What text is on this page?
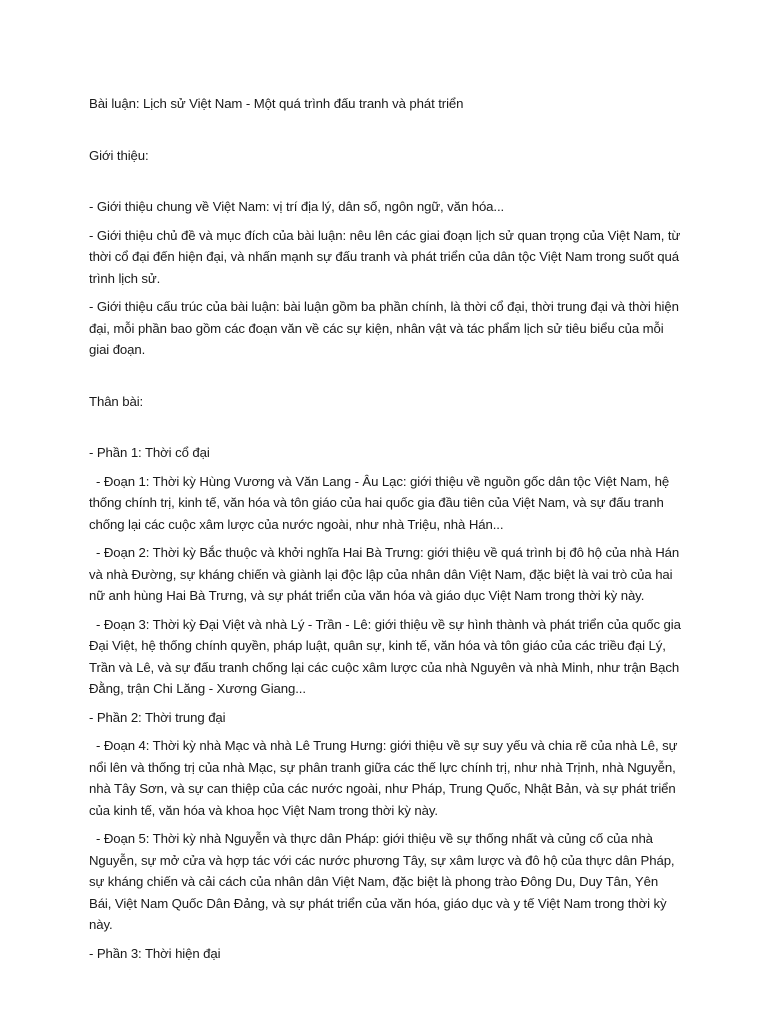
Bài luận: Lịch sử Việt Nam - Một quá trình đấu tranh và phát triển
Giới thiệu:
- Giới thiệu chung về Việt Nam: vị trí địa lý, dân số, ngôn ngữ, văn hóa...
- Giới thiệu chủ đề và mục đích của bài luận: nêu lên các giai đoạn lịch sử quan trọng của Việt Nam, từ thời cổ đại đến hiện đại, và nhấn mạnh sự đấu tranh và phát triển của dân tộc Việt Nam trong suốt quá trình lịch sử.
- Giới thiệu cấu trúc của bài luận: bài luận gồm ba phần chính, là thời cổ đại, thời trung đại và thời hiện đại, mỗi phần bao gồm các đoạn văn về các sự kiện, nhân vật và tác phẩm lịch sử tiêu biểu của mỗi giai đoạn.
Thân bài:
- Phần 1: Thời cổ đại
- Đoạn 1: Thời kỳ Hùng Vương và Văn Lang - Âu Lạc: giới thiệu về nguồn gốc dân tộc Việt Nam, hệ thống chính trị, kinh tế, văn hóa và tôn giáo của hai quốc gia đầu tiên của Việt Nam, và sự đấu tranh chống lại các cuộc xâm lược của nước ngoài, như nhà Triệu, nhà Hán...
- Đoạn 2: Thời kỳ Bắc thuộc và khởi nghĩa Hai Bà Trưng: giới thiệu về quá trình bị đô hộ của nhà Hán và nhà Đường, sự kháng chiến và giành lại độc lập của nhân dân Việt Nam, đặc biệt là vai trò của hai nữ anh hùng Hai Bà Trưng, và sự phát triển của văn hóa và giáo dục Việt Nam trong thời kỳ này.
- Đoạn 3: Thời kỳ Đại Việt và nhà Lý - Trần - Lê: giới thiệu về sự hình thành và phát triển của quốc gia Đại Việt, hệ thống chính quyền, pháp luật, quân sự, kinh tế, văn hóa và tôn giáo của các triều đại Lý, Trần và Lê, và sự đấu tranh chống lại các cuộc xâm lược của nhà Nguyên và nhà Minh, như trận Bạch Đằng, trận Chi Lăng - Xương Giang...
- Phần 2: Thời trung đại
- Đoạn 4: Thời kỳ nhà Mạc và nhà Lê Trung Hưng: giới thiệu về sự suy yếu và chia rẽ của nhà Lê, sự nổi lên và thống trị của nhà Mạc, sự phân tranh giữa các thế lực chính trị, như nhà Trịnh, nhà Nguyễn, nhà Tây Sơn, và sự can thiệp của các nước ngoài, như Pháp, Trung Quốc, Nhật Bản, và sự phát triển của kinh tế, văn hóa và khoa học Việt Nam trong thời kỳ này.
- Đoạn 5: Thời kỳ nhà Nguyễn và thực dân Pháp: giới thiệu về sự thống nhất và củng cố của nhà Nguyễn, sự mở cửa và hợp tác với các nước phương Tây, sự xâm lược và đô hộ của thực dân Pháp, sự kháng chiến và cải cách của nhân dân Việt Nam, đặc biệt là phong trào Đông Du, Duy Tân, Yên Bái, Việt Nam Quốc Dân Đảng, và sự phát triển của văn hóa, giáo dục và y tế Việt Nam trong thời kỳ này.
- Phần 3: Thời hiện đại
